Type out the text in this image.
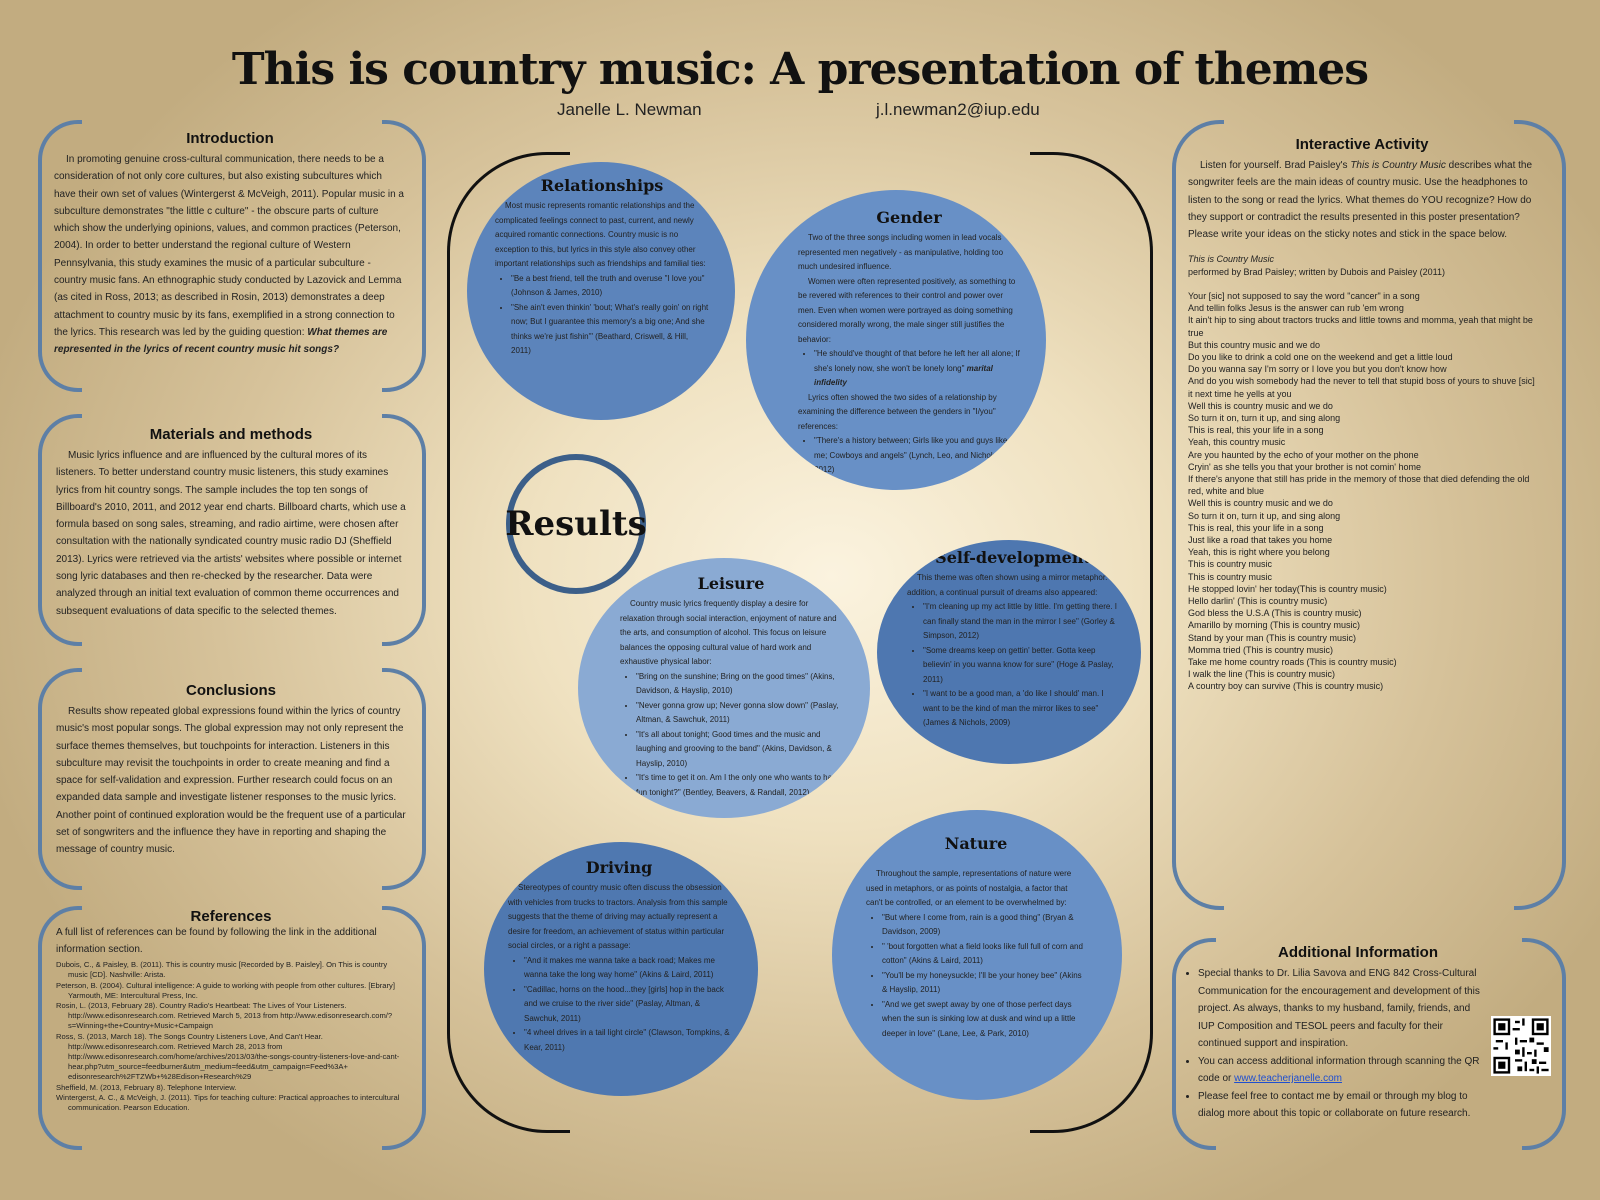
This is country music: A presentation of themes
Janelle L. Newman	j.l.newman2@iup.edu
Introduction

In promoting genuine cross-cultural communication, there needs to be a consideration of not only core cultures, but also existing subcultures which have their own set of values (Wintergerst & McVeigh, 2011). Popular music in a subculture demonstrates "the little c culture" - the obscure parts of culture which show the underlying opinions, values, and common practices (Peterson, 2004). In order to better understand the regional culture of Western Pennsylvania, this study examines the music of a particular subculture - country music fans. An ethnographic study conducted by Lazovick and Lemma (as cited in Ross, 2013; as described in Rosin, 2013) demonstrates a deep attachment to country music by its fans, exemplified in a strong connection to the lyrics. This research was led by the guiding question: What themes are represented in the lyrics of recent country music hit songs?

Materials and methods

Music lyrics influence and are influenced by the cultural mores of its listeners. To better understand country music listeners, this study examines lyrics from hit country songs. The sample includes the top ten songs of Billboard's 2010, 2011, and 2012 year end charts. Billboard charts, which use a formula based on song sales, streaming, and radio airtime, were chosen after consultation with the nationally syndicated country music radio DJ (Sheffield 2013). Lyrics were retrieved via the artists' websites where possible or internet song lyric databases and then re-checked by the researcher. Data were analyzed through an initial text evaluation of common theme occurrences and subsequent evaluations of data specific to the selected themes.

Conclusions

Results show repeated global expressions found within the lyrics of country music's most popular songs. The global expression may not only represent the surface themes themselves, but touchpoints for interaction. Listeners in this subculture may revisit the touchpoints in order to create meaning and find a space for self-validation and expression. Further research could focus on an expanded data sample and investigate listener responses to the music lyrics. Another point of continued exploration would be the frequent use of a particular set of songwriters and the influence they have in reporting and shaping the message of country music.

References
A full list of references can be found by following the link in the additional information section.
Dubois, C., & Paisley, B. (2011). This is country music [Recorded by B. Paisley]. On This is country music [CD]. Nashville: Arista.
Peterson, B. (2004). Cultural intelligence: A guide to working with people from other cultures. [Ebrary] Yarmouth, ME: Intercultural Press, Inc.
Rosin, L. (2013, February 28). Country Radio's Heartbeat: The Lives of Your Listeners. http://www.edisonresearch.com. Retrieved March 5, 2013 from http://www.edisonresearch.com/?s=Winning+the+Country+Music+Campaign
Ross, S. (2013, March 18). The Songs Country Listeners Love, And Can't Hear. http://www.edisonresearch.com. Retrieved March 28, 2013 from http://www.edisonresearch.com/home/archives/2013/03/the-songs-country-listeners-love-and-cant-hear.php?utm_source=feedburner&utm_medium=feed&utm_campaign=Feed%3A+ edisonresearch%2FTZWb+%28Edison+Research%29
Sheffield, M. (2013, February 8). Telephone Interview.
Wintergerst, A. C., & McVeigh, J. (2011). Tips for teaching culture: Practical approaches to intercultural communication. Pearson Education.
Results
Relationships

Most music represents romantic relationships and the complicated feelings connect to past, current, and newly acquired romantic connections. Country music is no exception to this, but lyrics in this style also convey other important relationships such as friendships and familial ties:

• "Be a best friend, tell the truth and overuse "I love you" (Johnson & James, 2010)
• "She ain't even thinkin' 'bout; What's really goin' on right now; But I guarantee this memory's a big one; And she thinks we're just fishin'" (Beathard, Criswell, & Hill, 2011)
Gender

Two of the three songs including women in lead vocals represented men negatively - as manipulative, holding too much undesired influence.

Women were often represented positively, as something to be revered with references to their control and power over men. Even when women were portrayed as doing something considered morally wrong, the male singer still justifies the behavior:

• "He should've thought of that before he left her all alone; If she's lonely now, she won't be lonely long" marital infidelity

Lyrics often showed the two sides of a relationship by examining the difference between the genders in "I/you" references:

• "There's a history between; Girls like you and guys like me; Cowboys and angels" (Lynch, Leo, and Nichols, 2012)
Leisure

Country music lyrics frequently display a desire for relaxation through social interaction, enjoyment of nature and the arts, and consumption of alcohol. This focus on leisure balances the opposing cultural value of hard work and exhaustive physical labor:

• "Bring on the sunshine; Bring on the good times" (Akins, Davidson, & Hayslip, 2010)
• "Never gonna grow up; Never gonna slow down" (Paslay, Altman, & Sawchuk, 2011)
• "It's all about tonight; Good times and the music and laughing and grooving to the band" (Akins, Davidson, & Hayslip, 2010)
• "It's time to get it on. Am I the only one who wants to have fun tonight?" (Bentley, Beavers, & Randall, 2012)
Self-development

This theme was often shown using a mirror metaphor. In addition, a continual pursuit of dreams also appeared:

• "I'm cleaning up my act little by little. I'm getting there. I can finally stand the man in the mirror I see" (Gorley & Simpson, 2012)
• "Some dreams keep on gettin' better. Gotta keep believin' in you wanna know for sure" (Hoge & Paslay, 2011)
• "I want to be a good man, a 'do like I should' man. I want to be the kind of man the mirror likes to see" (James & Nichols, 2009)
Driving

Stereotypes of country music often discuss the obsession with vehicles from trucks to tractors. Analysis from this sample suggests that the theme of driving may actually represent a desire for freedom, an achievement of status within particular social circles, or a right a passage:

• "And it makes me wanna take a back road; Makes me wanna take the long way home" (Akins & Laird, 2011)
• "Cadillac, horns on the hood...they [girls] hop in the back and we cruise to the river side" (Paslay, Altman, & Sawchuk, 2011)
• "4 wheel drives in a tail light circle" (Clawson, Tompkins, & Kear, 2011)
Nature

Throughout the sample, representations of nature were used in metaphors, or as points of nostalgia, a factor that can't be controlled, or an element to be overwhelmed by:

• "But where I come from, rain is a good thing" (Bryan & Davidson, 2009)
• " 'bout forgotten what a field looks like full full of corn and cotton" (Akins & Laird, 2011)
• "You'll be my honeysuckle; I'll be your honey bee" (Akins & Hayslip, 2011)
• "And we get swept away by one of those perfect days when the sun is sinking low at dusk and wind up a little deeper in love" (Lane, Lee, & Park, 2010)
Interactive Activity

Listen for yourself. Brad Paisley's This is Country Music describes what the songwriter feels are the main ideas of country music. Use the headphones to listen to the song or read the lyrics. What themes do YOU recognize? How do they support or contradict the results presented in this poster presentation? Please write your ideas on the sticky notes and stick in the space below.

This is Country Music
performed by Brad Paisley; written by Dubois and Paisley (2011)
Your [sic] not supposed to say the word "cancer" in a song
And tellin folks Jesus is the answer can rub 'em wrong
It ain't hip to sing about tractors trucks and little towns and momma, yeah that might be true
But this country music and we do
Do you like to drink a cold one on the weekend and get a little loud
Do you wanna say I'm sorry or I love you but you don't know how
And do you wish somebody had the never to tell that stupid boss of yours to shuve [sic] it next time he yells at you
Well this is country music and we do
So turn it on, turn it up, and sing along
This is real, this your life in a song
Yeah, this country music
Are you haunted by the echo of your mother on the phone
Cryin' as she tells you that your brother is not comin' home
If there's anyone that still has pride in the memory of those that died defending the old red, white and blue
Well this is country music and we do
So turn it on, turn it up, and sing along
This is real, this your life in a song
Just like a road that takes you home
Yeah, this is right where you belong
This is country music
This is country music
He stopped lovin' her today(This is country music)
Hello darlin' (This is country music)
God bless the U.S.A (This is country music)
Amarillo by morning (This is country music)
Stand by your man (This is country music)
Momma tried (This is country music)
Take me home country roads (This is country music)
I walk the line (This is country music)
A country boy can survive (This is country music)
Additional Information
• Special thanks to Dr. Lilia Savova and ENG 842 Cross-Cultural Communication for the encouragement and development of this project. As always, thanks to my husband, family, friends, and IUP Composition and TESOL peers and faculty for their continued support and inspiration.
• You can access additional information through scanning the QR code or www.teacherjanelle.com
• Please feel free to contact me by email or through my blog to dialog more about this topic or collaborate on future research.
